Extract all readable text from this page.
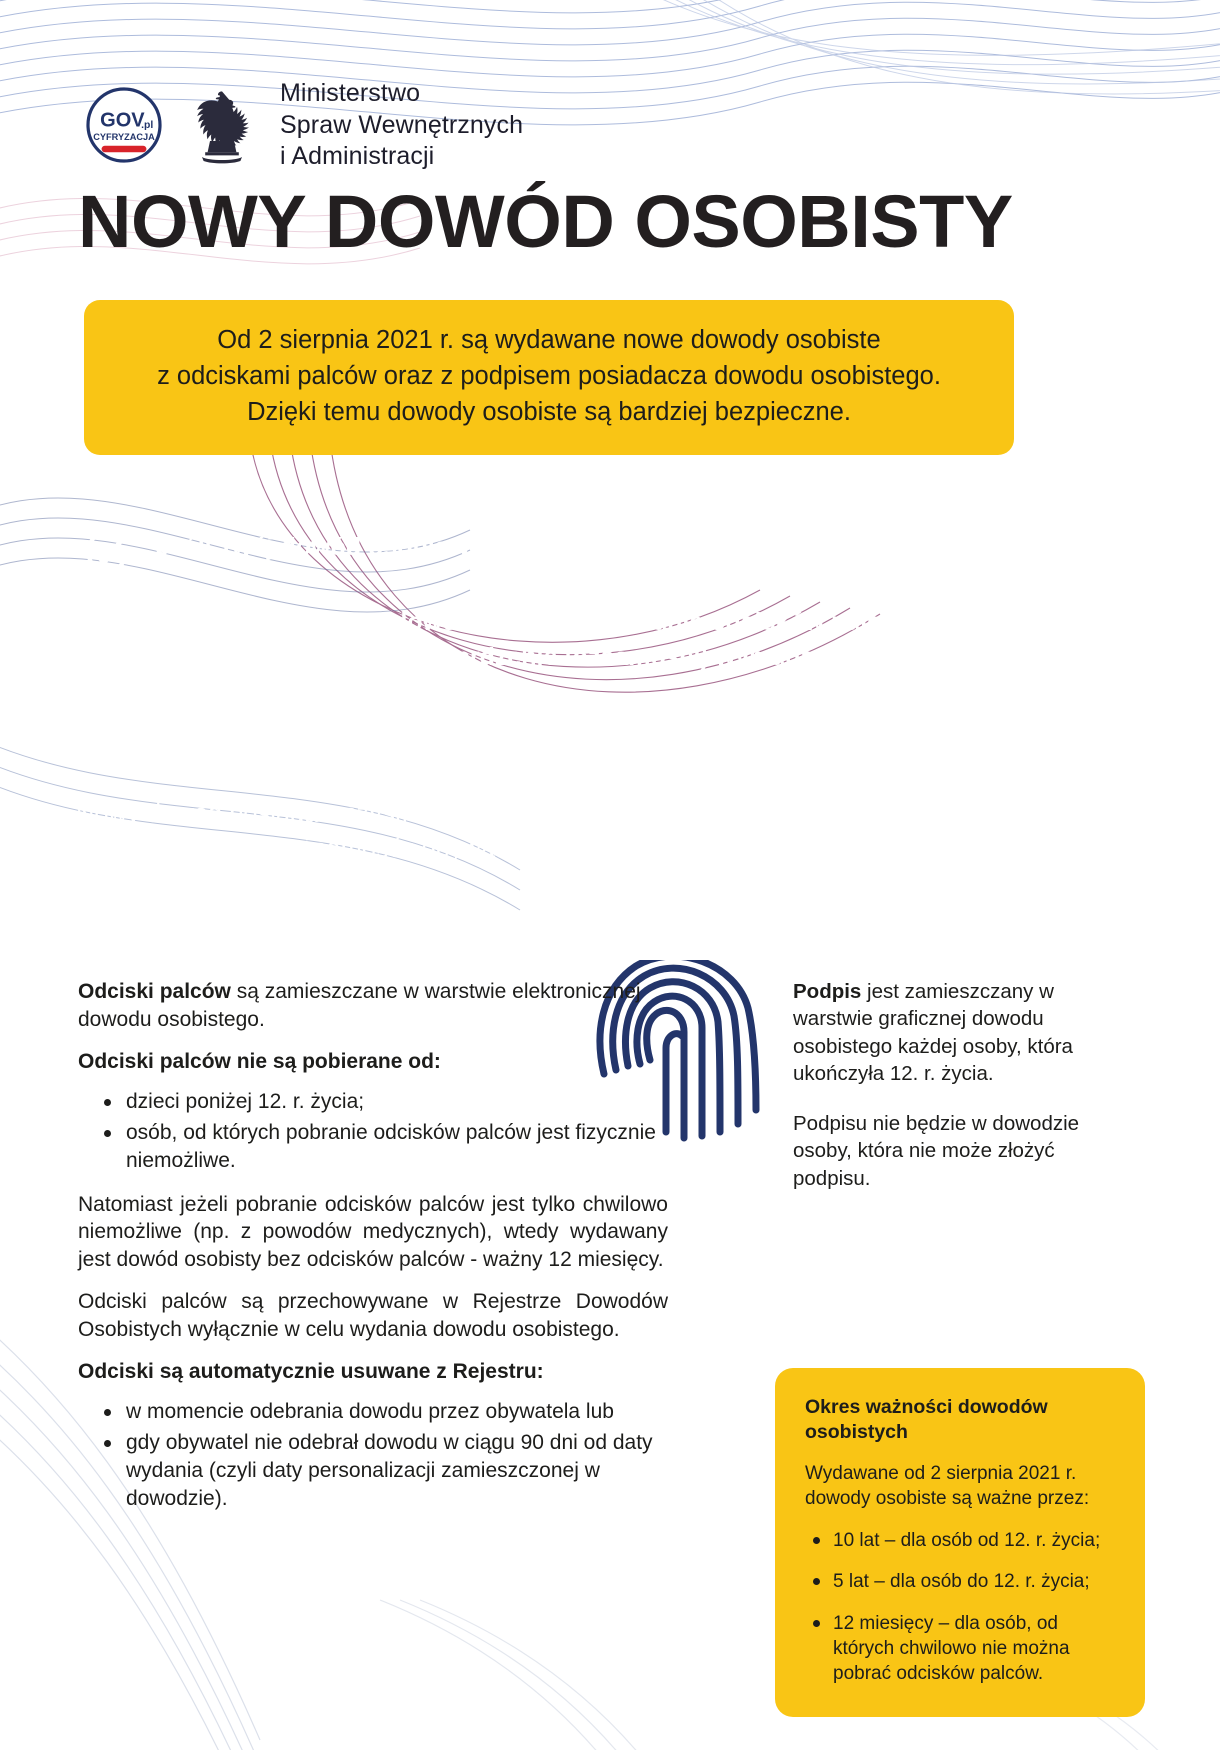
GOV
.pl
CYFRYZACJA
Ministerstwo
Spraw Wewnętrznych
i Administracji
NOWY DOWÓD OSOBISTY
Od 2 sierpnia 2021 r. są wydawane nowe dowody osobiste
z odciskami palców oraz z podpisem posiadacza dowodu osobistego.
Dzięki temu dowody osobiste są bardziej bezpieczne.
WAŻNE!
Jeśli Twój dowód osobisty jest nadal ważny – nie musisz go wymieniać.
Złożenie wniosku o dowód osobisty (pobranie odcisków palców) oraz odbiór dokumentu (potwierdzenie tożsamości) wymaga wizyty w urzędzie.
Jeśli Twoje dziecko nie ukończyło 12 lat, wniosek o dowód dla córki lub syna możesz złożyć elektronicznie.
Nowy dowód posiada wszystkie dotychczasowe funkcje dowodu osobistego – potwierdza Twoją tożsamość i obywatelstwo oraz uprawnia do przekraczania granic niektórych państw.

Odciski palców są zamieszczane w warstwie elektronicznej dowodu osobistego.

Odciski palców nie są pobierane od:

dzieci poniżej 12. r. życia;
osób, od których pobranie odcisków palców jest fizycznie niemożliwe.

Natomiast jeżeli pobranie odcisków palców jest tylko chwilowo niemożliwe (np. z powodów medycznych), wtedy wydawany jest dowód osobisty bez odcisków palców - ważny 12 miesięcy.

Odciski palców są przechowywane w Rejestrze Dowodów Osobistych wyłącznie w celu wydania dowodu osobistego.

Odciski są automatycznie usuwane z Rejestru:

w momencie odebrania dowodu przez obywatela lub
gdy obywatel nie odebrał dowodu w ciągu 90 dni od daty wydania (czyli daty personalizacji zamieszczonej w dowodzie).

Podpis jest zamieszczany w warstwie graficznej dowodu osobistego każdej osoby, która ukończyła 12. r. życia.

Podpisu nie będzie w dowodzie osoby, która nie może złożyć podpisu.

Okres ważności dowodów osobistych
Wydawane od 2 sierpnia 2021 r. dowody osobiste są ważne przez:
10 lat – dla osób od 12. r. życia;
5 lat – dla osób do 12. r. życia;
12 miesięcy – dla osób, od których chwilowo nie można pobrać odcisków palców.
